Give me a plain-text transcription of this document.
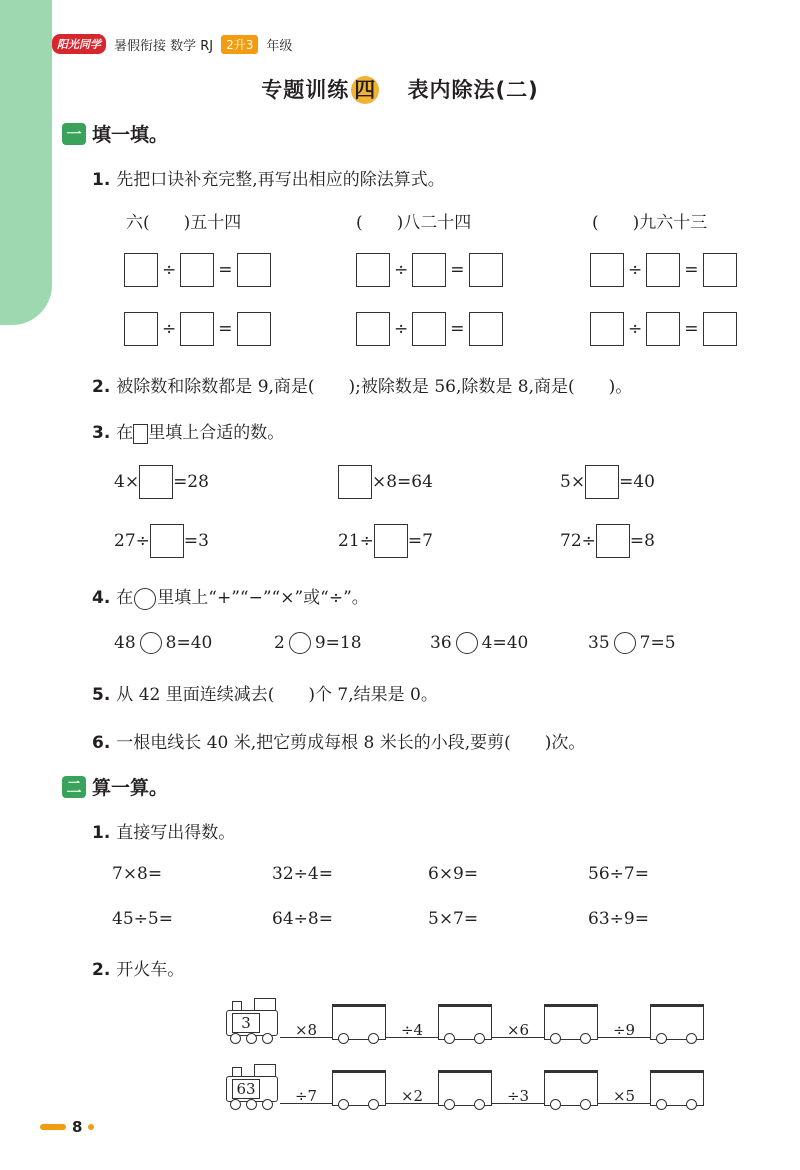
阳光同学	暑假衔接 数学 RJ	2升3	年级
专题训练 四 表内除法(二)
一 填一填。
1. 先把口诀补充完整,再写出相应的除法算式。
六(　　)五十四	(　　)八二十四	(　　)九六十三
÷ =	÷ =	÷ =
÷ =	÷ =	÷ =
2. 被除数和除数都是 9,商是(　　);被除数是 56,除数是 8,商是(　　)。
3. 在 里填上合适的数。
4× =28	×8=64	5× =40
27÷ =3	21÷ =7	72÷ =8
4. 在 里填上“+”“−”“×”或“÷”。
48 8=40	2 9=18	36 4=40	35 7=5
5. 从 42 里面连续减去(　　)个 7,结果是 0。
6. 一根电线长 40 米,把它剪成每根 8 米长的小段,要剪(　　)次。
二 算一算。
1. 直接写出得数。
7×8=	32÷4=	6×9=	56÷7=
45÷5=	64÷8=	5×7=	63÷9=
2. 开火车。
3	×8	÷4	×6	÷9
63	÷7	×2	÷3	×5
8
